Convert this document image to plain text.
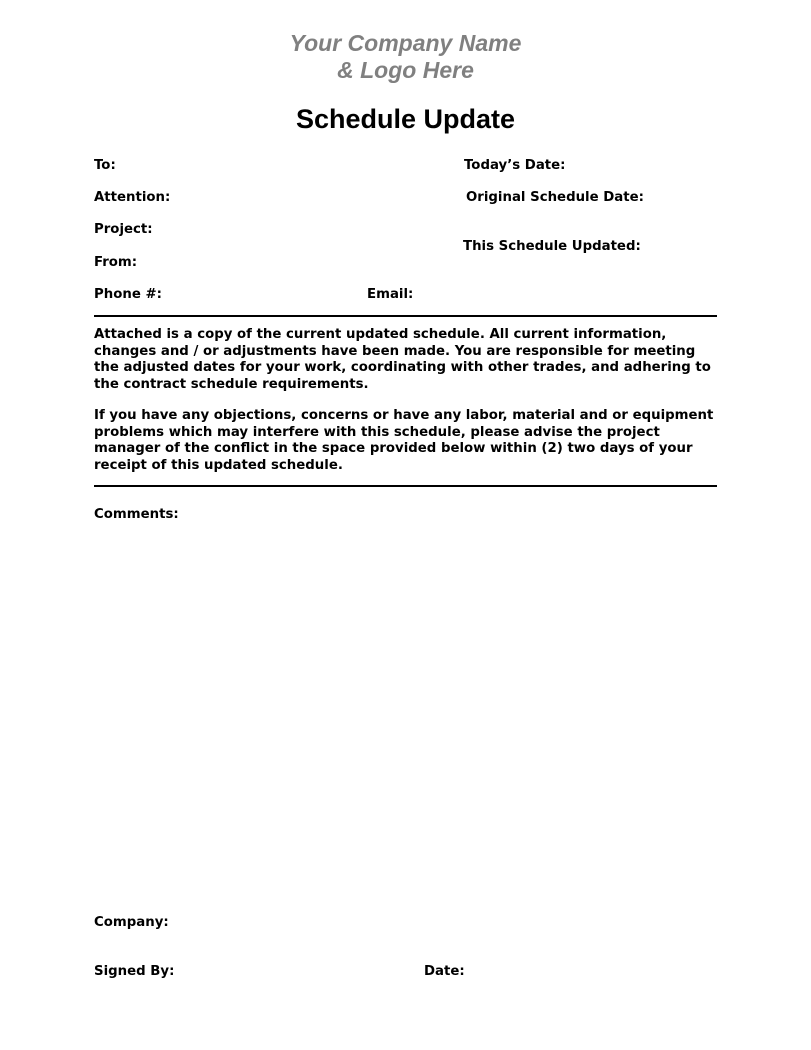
Your Company Name
& Logo Here
Schedule Update
To:	Today’s Date:
Attention:	Original Schedule Date:
Project:
This Schedule Updated:
From:
Phone #:	Email:
Attached is a copy of the current updated schedule. All current information, changes and / or adjustments have been made. You are responsible for meeting the adjusted dates for your work, coordinating with other trades, and adhering to the contract schedule requirements.
If you have any objections, concerns or have any labor, material and or equipment problems which may interfere with this schedule, please advise the project manager of the conflict in the space provided below within (2) two days of your receipt of this updated schedule.
Comments:
Company:
Signed By:	Date:
